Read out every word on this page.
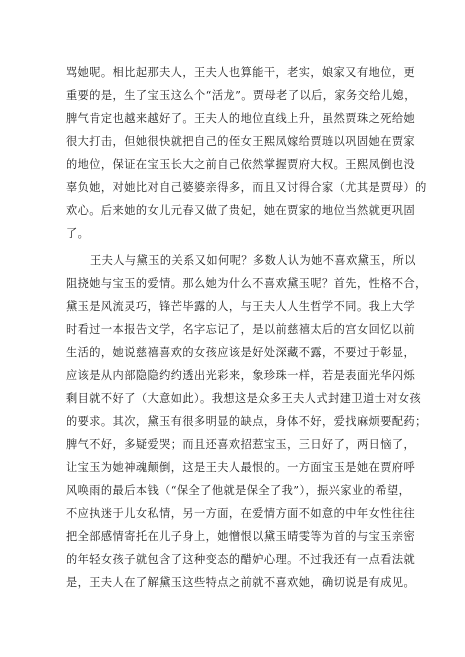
骂她呢。相比起那夫人，王夫人也算能干，老实，娘家又有地位，更
重要的是，生了宝玉这么个“活龙”。贾母老了以后，家务交给儿媳，
脾气肯定也越来越好了。王夫人的地位直线上升，虽然贾珠之死给她
很大打击，但她很快就把自己的侄女王熙凤嫁给贾琏以巩固她在贾家
的地位，保证在宝玉长大之前自己依然掌握贾府大权。王熙凤倒也没
辜负她，对她比对自己婆婆亲得多，而且又讨得合家（尤其是贾母）的
欢心。后来她的女儿元春又做了贵妃，她在贾家的地位当然就更巩固
了。
王夫人与黛玉的关系又如何呢？多数人认为她不喜欢黛玉，所以
阻挠她与宝玉的爱情。那么她为什么不喜欢黛玉呢？首先，性格不合，
黛玉是风流灵巧，锋芒毕露的人，与王夫人人生哲学不同。我上大学
时看过一本报告文学，名字忘记了，是以前慈禧太后的宫女回忆以前
生活的，她说慈禧喜欢的女孩应该是好处深藏不露，不要过于彰显，
应该是从内部隐隐约约透出光彩来，象珍珠一样，若是表面光华闪烁
剩目就不好了（大意如此）。我想这是众多王夫人式封建卫道士对女孩
的要求。其次，黛玉有很多明显的缺点，身体不好，爱找麻烦要配药；
脾气不好，多疑爱哭；而且还喜欢招惹宝玉，三日好了，两日恼了，
让宝玉为她神魂颠倒，这是王夫人最恨的。一方面宝玉是她在贾府呼
风唤雨的最后本钱（“保全了他就是保全了我”），振兴家业的希望，
不应执迷于儿女私情，另一方面，在爱情方面不如意的中年女性往往
把全部感情寄托在儿子身上，她憎恨以黛玉晴雯等为首的与宝玉亲密
的年轻女孩子就包含了这种变态的醋妒心理。不过我还有一点看法就
是，王夫人在了解黛玉这些特点之前就不喜欢她，确切说是有成见。
